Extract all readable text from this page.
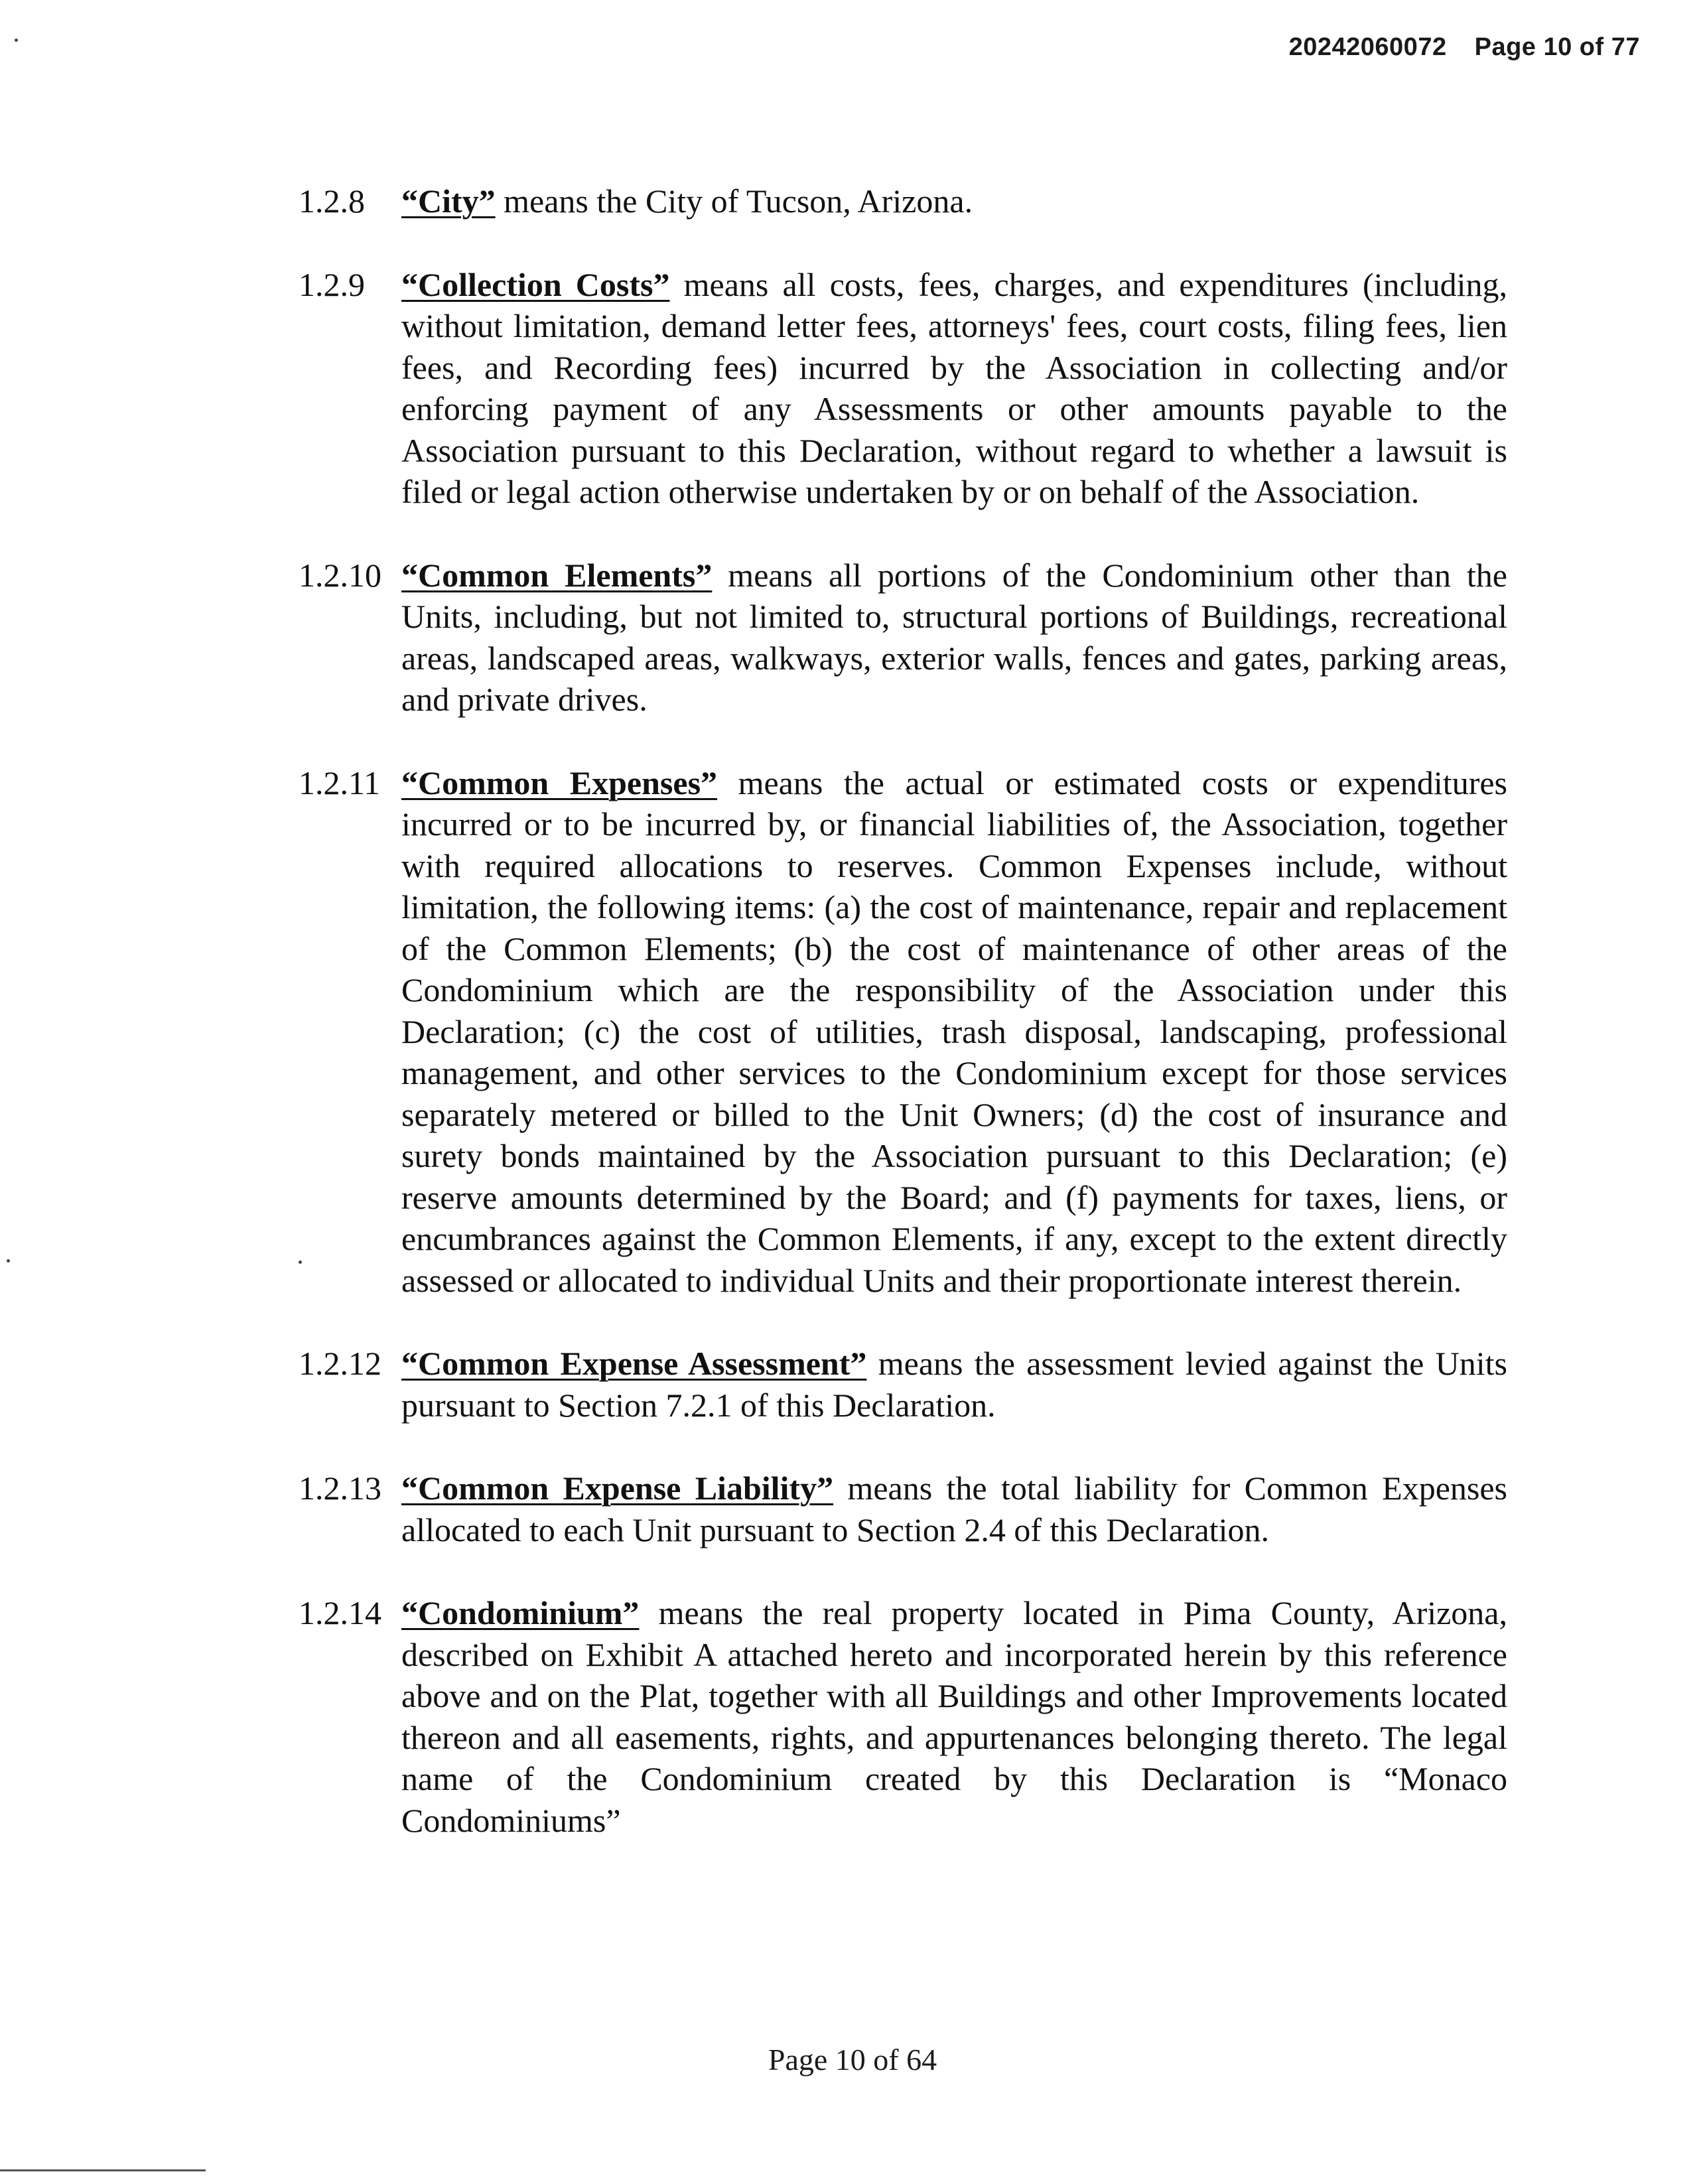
20242060072 Page 10 of 77
1.2.8 “City” means the City of Tucson, Arizona.
1.2.9 “Collection Costs” means all costs, fees, charges, and expenditures (including, without limitation, demand letter fees, attorneys' fees, court costs, filing fees, lien fees, and Recording fees) incurred by the Association in collecting and/or enforcing payment of any Assessments or other amounts payable to the Association pursuant to this Declaration, without regard to whether a lawsuit is filed or legal action otherwise undertaken by or on behalf of the Association.
1.2.10 “Common Elements” means all portions of the Condominium other than the Units, including, but not limited to, structural portions of Buildings, recreational areas, landscaped areas, walkways, exterior walls, fences and gates, parking areas, and private drives.
1.2.11 “Common Expenses” means the actual or estimated costs or expenditures incurred or to be incurred by, or financial liabilities of, the Association, together with required allocations to reserves. Common Expenses include, without limitation, the following items: (a) the cost of maintenance, repair and replacement of the Common Elements; (b) the cost of maintenance of other areas of the Condominium which are the responsibility of the Association under this Declaration; (c) the cost of utilities, trash disposal, landscaping, professional management, and other services to the Condominium except for those services separately metered or billed to the Unit Owners; (d) the cost of insurance and surety bonds maintained by the Association pursuant to this Declaration; (e) reserve amounts determined by the Board; and (f) payments for taxes, liens, or encumbrances against the Common Elements, if any, except to the extent directly assessed or allocated to individual Units and their proportionate interest therein.
1.2.12 “Common Expense Assessment” means the assessment levied against the Units pursuant to Section 7.2.1 of this Declaration.
1.2.13 “Common Expense Liability” means the total liability for Common Expenses allocated to each Unit pursuant to Section 2.4 of this Declaration.
1.2.14 “Condominium” means the real property located in Pima County, Arizona, described on Exhibit A attached hereto and incorporated herein by this reference above and on the Plat, together with all Buildings and other Improvements located thereon and all easements, rights, and appurtenances belonging thereto. The legal name of the Condominium created by this Declaration is “Monaco Condominiums”
Page 10 of 64
